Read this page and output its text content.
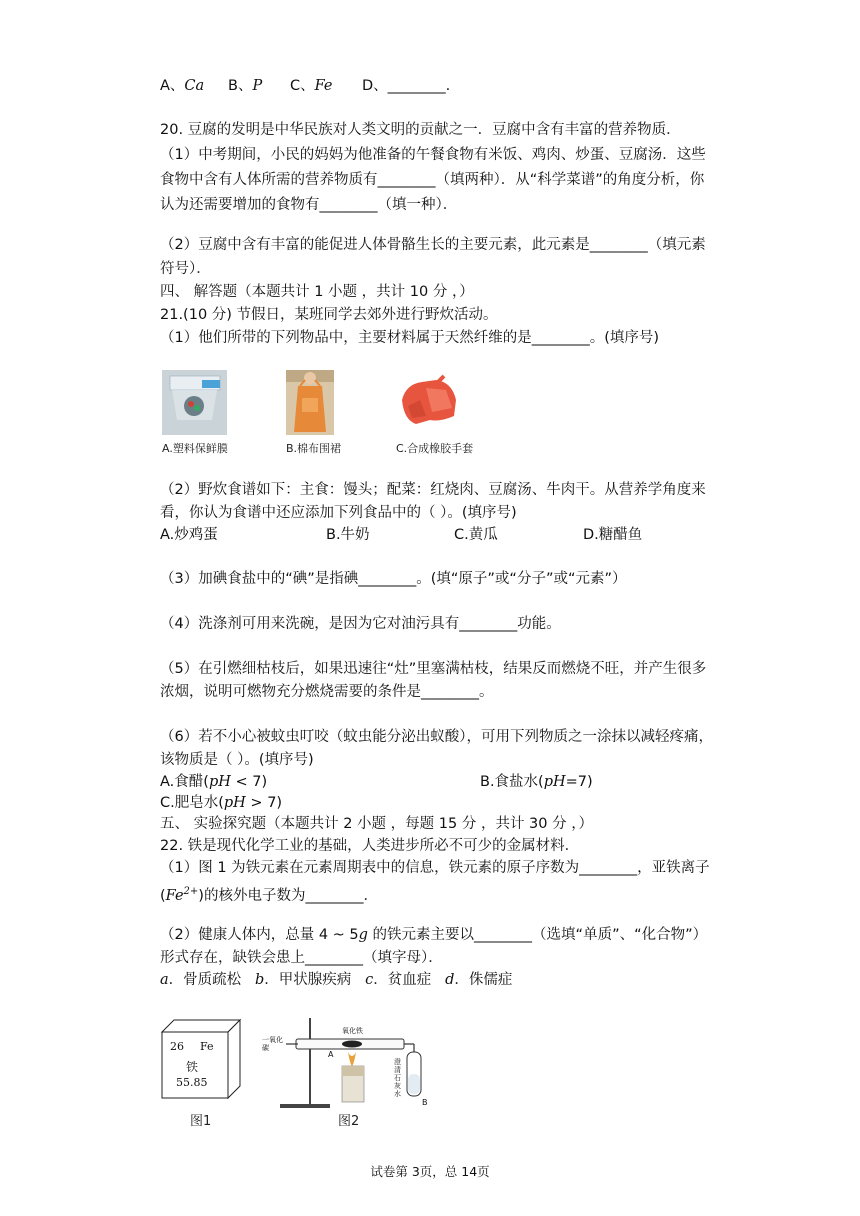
A、Ca B、P C、Fe D、________.
20. 豆腐的发明是中华民族对人类文明的贡献之一．豆腐中含有丰富的营养物质．
（1）中考期间，小民的妈妈为他准备的午餐食物有米饭、鸡肉、炒蛋、豆腐汤．这些
食物中含有人体所需的营养物质有________（填两种）．从“科学菜谱”的角度分析，你
认为还需要增加的食物有________（填一种）．
（2）豆腐中含有丰富的能促进人体骨骼生长的主要元素，此元素是________（填元素
符号）．
四、 解答题（本题共计 1 小题 ，共计 10 分 ，）
21.(10 分) 节假日，某班同学去郊外进行野炊活动。
（1）他们所带的下列物品中，主要材料属于天然纤维的是________。(填序号)
A.塑料保鲜膜	B.棉布围裙	C.合成橡胶手套
（2）野炊食谱如下：主食：馒头；配菜：红烧肉、豆腐汤、牛肉干。从营养学角度来
看，你认为食谱中还应添加下列食品中的（ ）。(填序号)
A.炒鸡蛋	B.牛奶	C.黄瓜	D.糖醋鱼
（3）加碘食盐中的“碘”是指碘________。(填“原子”或“分子”或“元素”）
（4）洗涤剂可用来洗碗，是因为它对油污具有________功能。
（5）在引燃细枯枝后，如果迅速往“灶”里塞满枯枝，结果反而燃烧不旺，并产生很多
浓烟，说明可燃物充分燃烧需要的条件是________。
（6）若不小心被蚊虫叮咬（蚊虫能分泌出蚁酸），可用下列物质之一涂抹以减轻疼痛，
该物质是（ ）。(填序号)
A.食醋(pH < 7)	B.食盐水(pH=7)
C.肥皂水(pH > 7)
五、 实验探究题（本题共计 2 小题 ，每题 15 分 ，共计 30 分 ，）
22. 铁是现代化学工业的基础，人类进步所必不可少的金属材料．
（1）图 1 为铁元素在元素周期表中的信息，铁元素的原子序数为________，亚铁离子
$(Fe^{2+})$的核外电子数为________．
（2）健康人体内，总量 4 ~ 5g 的铁元素主要以________（选填“单质”、“化合物”）
形式存在，缺铁会患上________（填字母）．
a．骨质疏松 b．甲状腺疾病 c．贫血症 d．侏儒症
26 Fe
铁
55.85
图1
一氧化碳
氧化铁
A
B
澄清石灰水
图2
试卷第 3页，总 14页
